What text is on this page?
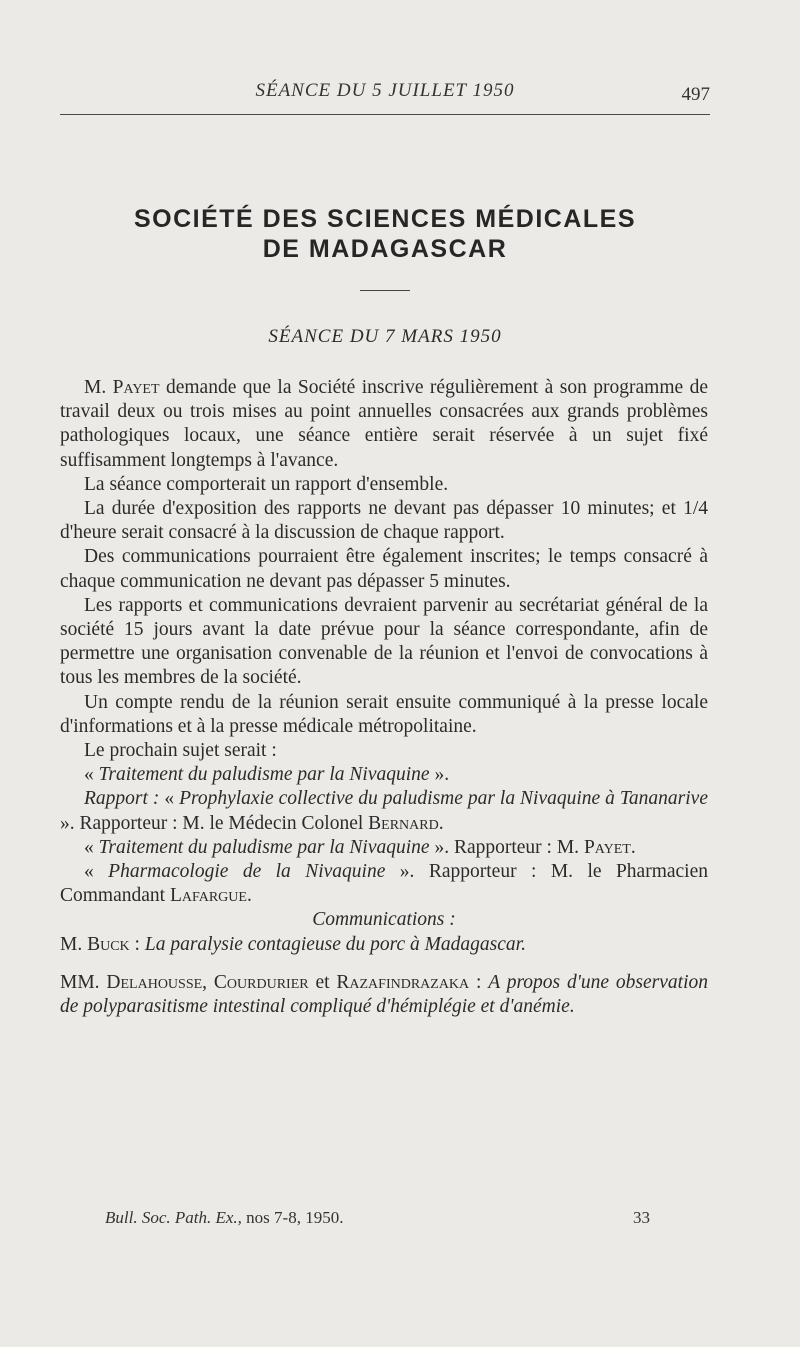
SÉANCE DU 5 JUILLET 1950	497
SOCIÉTÉ DES SCIENCES MÉDICALES
DE MADAGASCAR
SÉANCE DU 7 MARS 1950

M. Payet demande que la Société inscrive régulièrement à son programme de travail deux ou trois mises au point annuelles consacrées aux grands problèmes pathologiques locaux, une séance entière serait réservée à un sujet fixé suffisamment longtemps à l'avance.

La séance comporterait un rapport d'ensemble.

La durée d'exposition des rapports ne devant pas dépasser 10 minutes; et 1/4 d'heure serait consacré à la discussion de chaque rapport.

Des communications pourraient être également inscrites; le temps consacré à chaque communication ne devant pas dépasser 5 minutes.

Les rapports et communications devraient parvenir au secrétariat général de la société 15 jours avant la date prévue pour la séance correspondante, afin de permettre une organisation convenable de la réunion et l'envoi de convocations à tous les membres de la société.

Un compte rendu de la réunion serait ensuite communiqué à la presse locale d'informations et à la presse médicale métropolitaine.

Le prochain sujet serait :

« Traitement du paludisme par la Nivaquine ».

Rapport : « Prophylaxie collective du paludisme par la Nivaquine à Tananarive ». Rapporteur : M. le Médecin Colonel Bernard.

« Traitement du paludisme par la Nivaquine ». Rapporteur : M. Payet.

« Pharmacologie de la Nivaquine ». Rapporteur : M. le Pharmacien Commandant Lafargue.

Communications :

M. Buck : La paralysie contagieuse du porc à Madagascar.

MM. Delahousse, Courdurier et Razafindrazaka : A propos d'une observation de polyparasitisme intestinal compliqué d'hémiplégie et d'anémie.

Bull. Soc. Path. Ex., nos 7-8, 1950.	33
